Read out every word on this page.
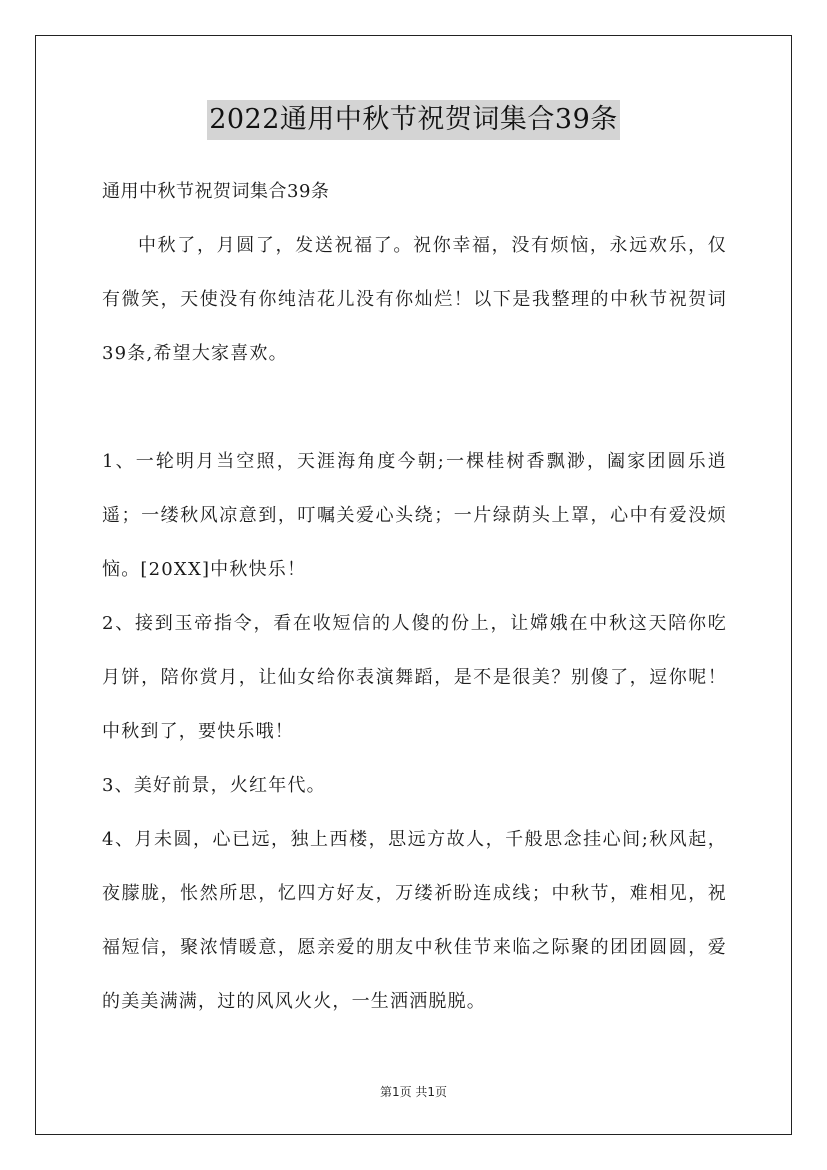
2022通用中秋节祝贺词集合39条

通用中秋节祝贺词集合39条

中秋了，月圆了，发送祝福了。祝你幸福，没有烦恼，永远欢乐，仅有微笑，天使没有你纯洁花儿没有你灿烂！以下是我整理的中秋节祝贺词39条,希望大家喜欢。

1、一轮明月当空照，天涯海角度今朝;一棵桂树香飘渺，阖家团圆乐逍遥；一缕秋风凉意到，叮嘱关爱心头绕；一片绿荫头上罩，心中有爱没烦恼。[20XX]中秋快乐！

2、接到玉帝指令，看在收短信的人傻的份上，让嫦娥在中秋这天陪你吃月饼，陪你赏月，让仙女给你表演舞蹈，是不是很美？别傻了，逗你呢！中秋到了，要快乐哦！

3、美好前景，火红年代。

4、月未圆，心已远，独上西楼，思远方故人，千般思念挂心间;秋风起，夜朦胧，怅然所思，忆四方好友，万缕祈盼连成线；中秋节，难相见，祝福短信，聚浓情暖意，愿亲爱的朋友中秋佳节来临之际聚的团团圆圆，爱的美美满满，过的风风火火，一生洒洒脱脱。

第1页 共1页
